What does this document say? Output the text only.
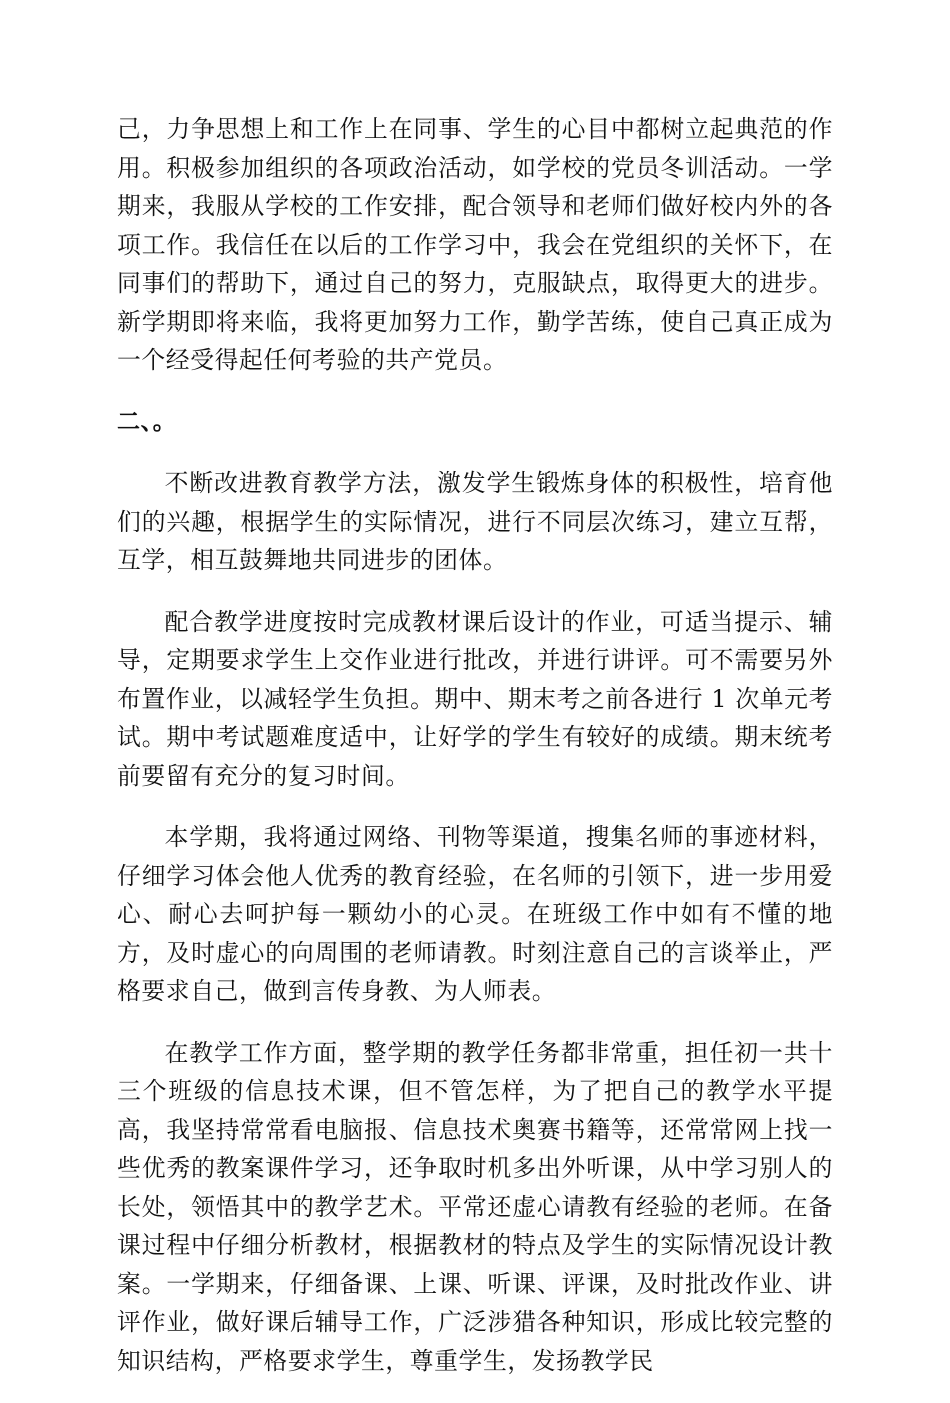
己，力争思想上和工作上在同事、学生的心目中都树立起典范的作用。积极参加组织的各项政治活动，如学校的党员冬训活动。一学期来，我服从学校的工作安排，配合领导和老师们做好校内外的各项工作。我信任在以后的工作学习中，我会在党组织的关怀下，在同事们的帮助下，通过自己的努力，克服缺点，取得更大的进步。新学期即将来临，我将更加努力工作，勤学苦练，使自己真正成为一个经受得起任何考验的共产党员。

二、。

不断改进教育教学方法，激发学生锻炼身体的积极性，培育他们的兴趣，根据学生的实际情况，进行不同层次练习，建立互帮，互学，相互鼓舞地共同进步的团体。

配合教学进度按时完成教材课后设计的作业，可适当提示、辅导，定期要求学生上交作业进行批改，并进行讲评。可不需要另外布置作业，以减轻学生负担。期中、期末考之前各进行 1 次单元考试。期中考试题难度适中，让好学的学生有较好的成绩。期末统考前要留有充分的复习时间。

本学期，我将通过网络、刊物等渠道，搜集名师的事迹材料，仔细学习体会他人优秀的教育经验，在名师的引领下，进一步用爱心、耐心去呵护每一颗幼小的心灵。在班级工作中如有不懂的地方，及时虚心的向周围的老师请教。时刻注意自己的言谈举止，严格要求自己，做到言传身教、为人师表。

在教学工作方面，整学期的教学任务都非常重，担任初一共十三个班级的信息技术课，但不管怎样，为了把自己的教学水平提高，我坚持常常看电脑报、信息技术奥赛书籍等，还常常网上找一些优秀的教案课件学习，还争取时机多出外听课，从中学习别人的长处，领悟其中的教学艺术。平常还虚心请教有经验的老师。在备课过程中仔细分析教材，根据教材的特点及学生的实际情况设计教案。一学期来，仔细备课、上课、听课、评课，及时批改作业、讲评作业，做好课后辅导工作，广泛涉猎各种知识，形成比较完整的知识结构，严格要求学生，尊重学生，发扬教学民
